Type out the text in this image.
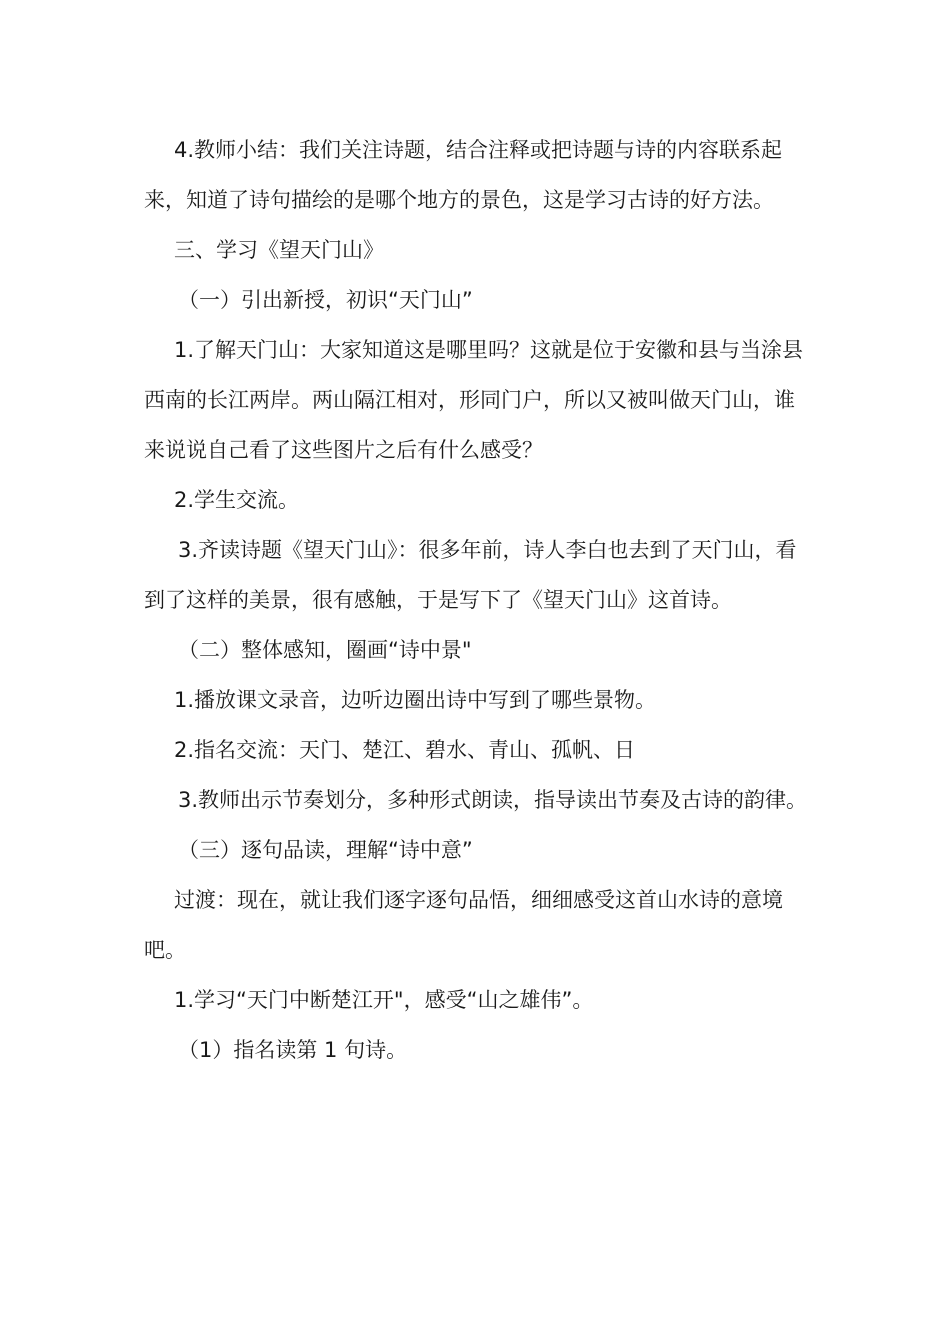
4.教师小结：我们关注诗题，结合注释或把诗题与诗的内容联系起来，知道了诗句描绘的是哪个地方的景色，这是学习古诗的好方法。

三、学习《望天门山》

（一）引出新授，初识“天门山”

1.了解天门山：大家知道这是哪里吗？这就是位于安徽和县与当涂县西南的长江两岸。两山隔江相对，形同门户，所以又被叫做天门山，谁来说说自己看了这些图片之后有什么感受？

2.学生交流。

3.齐读诗题《望天门山》：很多年前，诗人李白也去到了天门山，看到了这样的美景，很有感触，于是写下了《望天门山》这首诗。

（二）整体感知，圈画“诗中景"

1.播放课文录音，边听边圈出诗中写到了哪些景物。

2.指名交流：天门、楚江、碧水、青山、孤帆、日

3.教师出示节奏划分，多种形式朗读，指导读出节奏及古诗的韵律。

（三）逐句品读，理解“诗中意”

过渡：现在，就让我们逐字逐句品悟，细细感受这首山水诗的意境吧。

1.学习“天门中断楚江开"，感受“山之雄伟”。

（1）指名读第 1 句诗。
